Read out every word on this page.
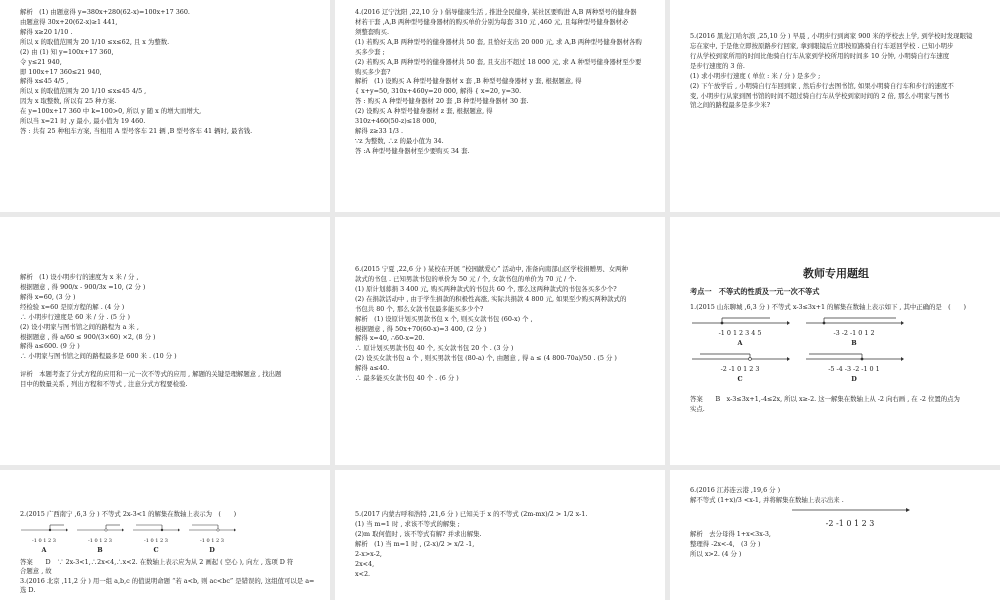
解析　(1) 由题意得 y=380x+280(62-x)=100x+17 360.
由题意得 30x+20(62-x)≥1 441,
解得 x≥20 1/10 .
所以 x 的取值范围为 20 1/10 ≤x≤62, 且 x 为整数.
(2) 由 (1) 知 y=100x+17 360,
令 y≤21 940,
即 100x+17 360≤21 940,
解得 x≤45 4/5 ,
所以 x 的取值范围为 20 1/10 ≤x≤45 4/5 ,
因为 x 取整数, 所以有 25 种方案.
在 y=100x+17 360 中 k=100>0, 所以 y 随 x 的增大而增大,
所以当 x=21 时 ,y 最小, 最小值为 19 460.
答 : 共有 25 种租车方案, 当租用 A 型号客车 21 辆 ,B 型号客车 41 辆时, 最省钱.
4.(2016 辽宁沈阳 ,22,10 分 ) 倡导健康生活 , 推进全民健身, 某社区要购进 A,B 两种型号的健身器
材若干套 ,A,B 两种型号健身器材的购买单价分别为每套 310 元 ,460 元, 且每种型号健身器材必
须整套购买.
(1) 若购买 A,B 两种型号的健身器材共 50 套, 且恰好支出 20 000 元, 求 A,B 两种型号健身器材各购
买多少套 ;
(2) 若购买 A,B 两种型号的健身器材共 50 套, 且支出不超过 18 000 元, 求 A 种型号健身器材至少要
购买多少套?
解析　(1) 设购买 A 种型号健身器材 x 套 ,B 种型号健身器材 y 套, 根据题意, 得
{ x+y=50, 310x+460y=20 000, 解得 { x=20, y=30.
答 : 购买 A 种型号健身器材 20 套 ,B 种型号健身器材 30 套.
(2) 设购买 A 种型号健身器材 z 套, 根据题意, 得
310z+460(50-z)≤18 000,
解得 z≥33 1/3 .
∵z 为整数, ∴z 的最小值为 34.
答 :A 种型号健身器材至少要购买 34 套.
5.(2016 黑龙江哈尔滨 ,25,10 分 ) 早晨 , 小明步行到离家 900 米的学校去上学, 到学校时发现眼镜
忘在家中, 于是他立即按原路步行回家, 拿到眼镜后立即按原路骑自行车返回学校 . 已知小明步
行从学校到家所用的时间比他骑自行车从家到学校所用的时间多 10 分钟, 小明骑自行车速度
是步行速度的 3 倍.
(1) 求小明步行速度 ( 单位 : 米 / 分 ) 是多少 ;
(2) 下午放学后 , 小明骑自行车回到家 , 然后步行去图书馆, 如果小明骑自行车和步行的速度不
变, 小明步行从家到图书馆的时间不超过骑自行车从学校到家时间的 2 倍, 那么小明家与图书
馆之间的路程最多是多少米?
解析　(1) 设小明步行的速度为 x 米 / 分 ,
根据题意 , 得 900/x - 900/3x =10, (2 分 )
解得 x=60, (3 分 )
经检验 x=60 是原方程的解 . (4 分 )
∴ 小明步行速度是 60 米 / 分 . (5 分 )
(2) 设小明家与图书馆之间的路程为 a 米 ,
根据题意 , 得 a/60 ≤ 900/(3×60) ×2, (8 分 )
解得 a≤600. (9 分 )
∴ 小明家与图书馆之间的路程最多是 600 米 . (10 分 )
评析　本题考查了分式方程的应用和一元一次不等式的应用 , 解题的关键是理解题意 , 找出题
目中的数量关系 , 列出方程和不等式 , 注意分式方程要检验.
6.(2015 宁夏 ,22,6 分 ) 某校在开展 “校园献爱心” 活动中, 准备向南部山区学校捐赠男、女两种
款式的书包 . 已知男款书包的单价为 50 元 / 个, 女款书包的单价为 70 元 / 个.
(1) 原计划募捐 3 400 元, 购买两种款式的书包共 60 个, 那么这两种款式的书包各买多少个?
(2) 在捐款活动中 , 由于学生捐款的积极性高涨, 实际共捐款 4 800 元, 如果至少购买两种款式的
书包共 80 个, 那么女款书包最多能买多少个?
解析　(1) 设原计划买男款书包 x 个, 则买女款书包 (60-x) 个 ,
根据题意 , 得 50x+70(60-x)=3 400, (2 分 )
解得 x=40, ∴60-x=20.
∴ 原计划买男款书包 40 个, 买女款书包 20 个 . (3 分 )
(2) 设买女款书包 a 个 , 则买男款书包 (80-a) 个, 由题意 , 得 a ≤ (4 800-70a)/50 . (5 分 )
解得 a≤40.
∴ 最多能买女款书包 40 个 . (6 分 )
教师专用题组
考点一　不等式的性质及一元一次不等式
1.(2015 山东聊城 ,6,3 分 ) 不等式 x-3≤3x+1 的解集在数轴上表示如下 , 其中正确的是　(　　)
-1 0 1 2 3 4 5
A
-3 -2 -1 0 1 2
B
-2 -1 0 1 2 3
C
-5 -4 -3 -2 -1 0 1
D
答案　　B　x-3≤3x+1,-4≤2x, 所以 x≥-2. 这一解集在数轴上从 -2 向右画 , 在 -2 位置的点为
实点.
2.(2015 广西南宁 ,6,3 分 ) 不等式 2x-3<1 的解集在数轴上表示为　(　　)
-1 0 1 2 3
A
-1 0 1 2 3
B
-1 0 1 2 3
C
-1 0 1 2 3
D
答案　　D　∵ 2x-3<1,∴2x<4,∴x<2. 在数轴上表示应为从 2 画起 ( 空心 ), 向左 , 选项 D 符
合题意 , 故
3.(2016 北京 ,11,2 分 ) 用一组 a,b,c 的值说明命题 “若 a<b, 则 ac<bc” 是错误的, 这组值可以是 a=
选 D.
5.(2017 内蒙古呼和浩特 ,21,6 分 ) 已知关于 x 的不等式 (2m-mx)/2 > 1/2 x-1.
(1) 当 m=1 时 , 求该不等式的解集 ;
(2)m 取何值时 , 该不等式有解? 并求出解集.
解析　(1) 当 m=1 时 , (2-x)/2 > x/2 -1,
2-x>x-2,
2x<4,
x<2.
6.(2016 江苏连云港 ,19,6 分 )
解不等式 (1+x)/3 <x-1, 并将解集在数轴上表示出来 .
-2 -1 0 1 2 3
解析　去分母得 1+x<3x-3,
整理得 -2x<-4,　(3 分 )
所以 x>2. (4 分 )
